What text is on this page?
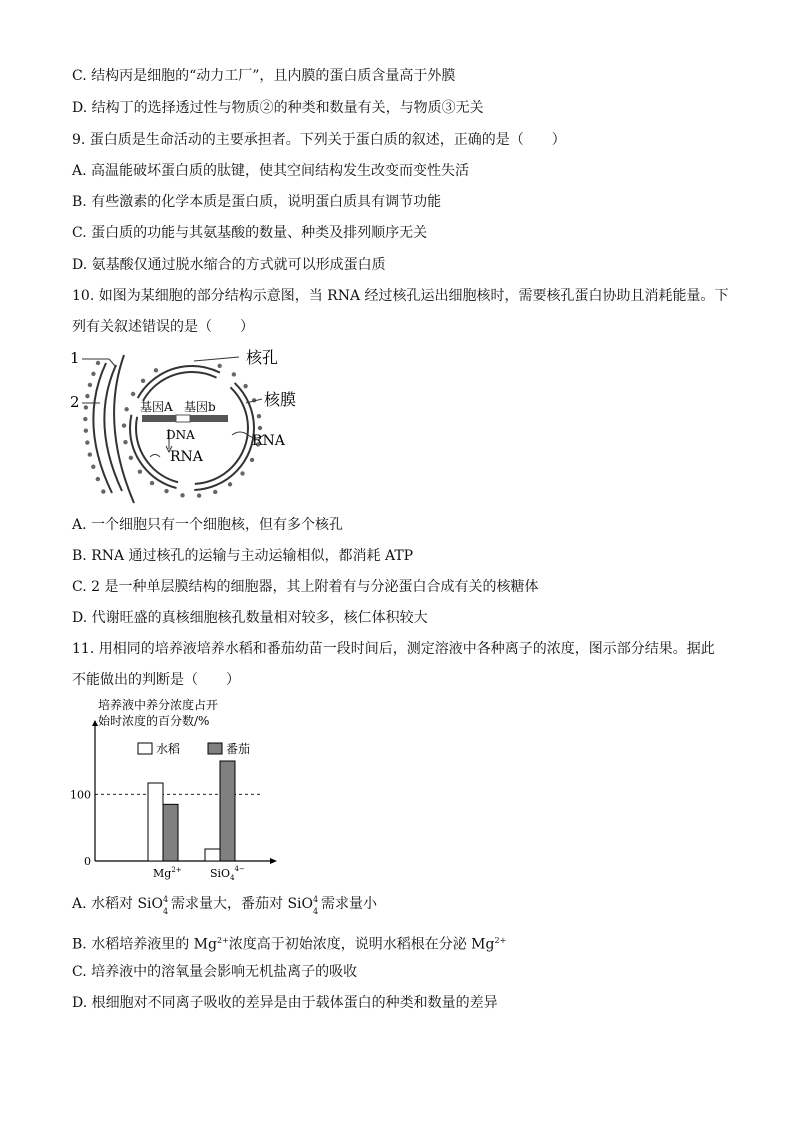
C. 结构丙是细胞的“动力工厂”，且内膜的蛋白质含量高于外膜
D. 结构丁的选择透过性与物质②的种类和数量有关，与物质③无关
9. 蛋白质是生命活动的主要承担者。下列关于蛋白质的叙述，正确的是（　　）
A. 高温能破坏蛋白质的肽键，使其空间结构发生改变而变性失活
B. 有些激素的化学本质是蛋白质，说明蛋白质具有调节功能
C. 蛋白质的功能与其氨基酸的数量、种类及排列顺序无关
D. 氨基酸仅通过脱水缩合的方式就可以形成蛋白质
10. 如图为某细胞的部分结构示意图，当 RNA 经过核孔运出细胞核时，需要核孔蛋白协助且消耗能量。下
列有关叙述错误的是（　　）
1
2
核孔
核膜
RNA
基因A 基因b
DNA
RNA
A. 一个细胞只有一个细胞核，但有多个核孔
B. RNA 通过核孔的运输与主动运输相似，都消耗 ATP
C. 2 是一种单层膜结构的细胞器，其上附着有与分泌蛋白合成有关的核糖体
D. 代谢旺盛的真核细胞核孔数量相对较多，核仁体积较大
11. 用相同的培养液培养水稻和番茄幼苗一段时间后，测定溶液中各种离子的浓度，图示部分结果。据此
不能做出的判断是（　　）
培养液中养分浓度占开
始时浓度的百分数/%
水稻	番茄
0
100
$Mg^{2+}$	SiO$_4^{4-}$
A. 水稻对 SiO 4
4 需求量大，番茄对 SiO 4
4 需求量小
B. 水稻培养液里的 $Mg^{2+}$浓度高于初始浓度，说明水稻根在分泌 $Mg^{2+}$
C. 培养液中的溶氧量会影响无机盐离子的吸收
D. 根细胞对不同离子吸收的差异是由于载体蛋白的种类和数量的差异
